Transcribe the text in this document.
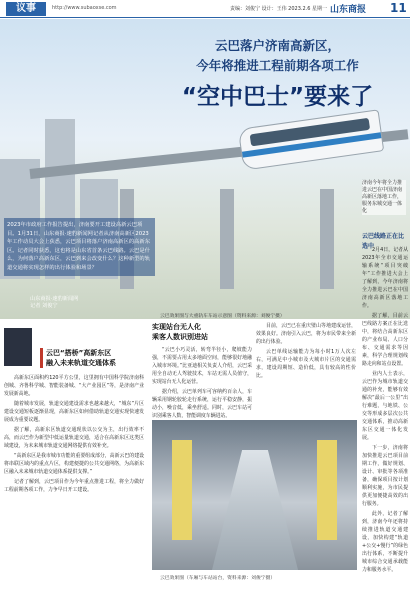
议事	http://www.subaoxse.com	责编：刘俊宁 设计：王伟 2023.2.6 星期一 山东商报 11
云巴落户济南高新区，
今年将推进工程前期各项工作
“空中巴士”要来了
2023年市政府工作报告提出，济南要开工建设高新云巴项目。1月31日，山东商报·速豹新闻网记者从济南高新区2023年工作动员大会上获悉，云巴项目将落户济南高新区的高新东区。记者同时获悉，这也将是山东省首条云巴线路。云巴是什么，为何落户高新东区，云巴到来会改变什么？这种新型的轨道交通将实现怎样的出行体验和场景？
山东商报·速豹新闻网
记者 刘俊宁
济南今年将全力推进云巴在中国济南高新区落地工作，服务东城交通一体化
云巴效果图与大重轨车车站示意图（资料来源：刘俊宁摄）
云巴“搭桥”高新东区
融入未来轨道交通体系

高新东区面积约120平方公里，这里拥有中国科学院济南科创城、齐鲁科学城、智能装备城、“大产业园区”等，是济南产业发展新高地。

随着城市发展，轨道交通建设需求也越来越大，“城东”片区建设交通短板逐渐显现，高新东区如何借助轨道交通实现快速发展成为重要议题。

据了解，高新东区轨道交通现状以公交为主，出行效率不高，而云巴作为新型中低运量轨道交通，适合在高新东区这类区域建设，为未来城市轨道交通网络提供有效补充。

“高新东区是我市城市功能的重要组成部分，高新云巴的建设将串联区域内的重点片区，构建便捷的公共交通网络，为高新东区融入未来城市轨道交通体系提供支撑。”

记者了解到，云巴项目作为今年重点推进工程，将全力做好工程前期各项工作，力争早日开工建设。

实现站台无人化
乘客人数识别进站

“云巴小巧灵活，转弯半径小，爬坡能力强，不需要占用太多地面空间，能够很好地融入城市环境。”比亚迪相关负责人介绍，云巴采用全自动无人驾驶技术，车站无需人员值守，实现站台无人化运营。

据介绍，云巴单列车可容纳约百余人，车辆采用钢轮胶轮走行系统，运行平稳安静，振动小，噪音低，乘坐舒适。同时，云巴车站可识别乘客人数，智能调度车辆进站。

目前，云巴已在重庆璧山等地建成运营，效果良好。济南引入云巴，将为市民带来全新的出行体验。

云巴单线运输能力为每小时1万人次左右，可满足中小城市及大城市片区的交通需求，建设周期短、造价低，具有较高的性价比。

云巴效果图（车厢与车站站台，资料来源：刘俊宁摄）
云巴线路正在比选中

2月4日，记者从2023年全市交通运输系统“项目突破年”工作推进大会上了解到，今年济南将全力推进云巴在中国济南高新区落地工作。

据了解，目前云巴线路方案正在比选中，将结合高新东区的产业布局、人口分布、交通需求等因素，科学合理规划线路走向和站点设置。

业内人士表示，云巴作为城市轨道交通的补充，能够有效解决“最后一公里”出行难题，与地铁、公交等形成多层次公共交通体系，推动高新东区交通一体化发展。

下一步，济南将加快推进云巴项目前期工作，做好规划、设计、审批等各项准备，确保项目按计划顺利实施，为市民提供更加便捷高效的出行服务。

此外，记者了解到，济南今年还将持续推进轨道交通建设，加快构建“轨道+公交+慢行”的绿色出行体系，不断提升城市综合交通承载能力和服务水平。
